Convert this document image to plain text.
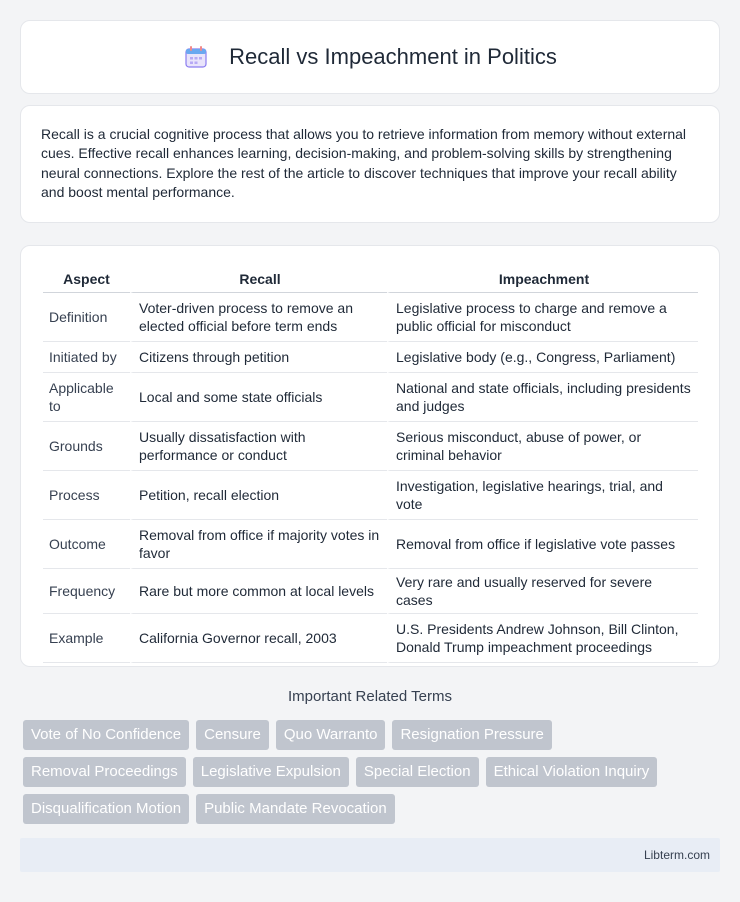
Recall vs Impeachment in Politics

Recall is a crucial cognitive process that allows you to retrieve information from memory without external cues. Effective recall enhances learning, decision-making, and problem-solving skills by strengthening neural connections. Explore the rest of the article to discover techniques that improve your recall ability and boost mental performance.

Aspect	Recall	Impeachment
Definition	Voter-driven process to remove an elected official before term ends	Legislative process to charge and remove a public official for misconduct
Initiated by	Citizens through petition	Legislative body (e.g., Congress, Parliament)
Applicable to	Local and some state officials	National and state officials, including presidents and judges
Grounds	Usually dissatisfaction with performance or conduct	Serious misconduct, abuse of power, or criminal behavior
Process	Petition, recall election	Investigation, legislative hearings, trial, and vote
Outcome	Removal from office if majority votes in favor	Removal from office if legislative vote passes
Frequency	Rare but more common at local levels	Very rare and usually reserved for severe cases
Example	California Governor recall, 2003	U.S. Presidents Andrew Johnson, Bill Clinton, Donald Trump impeachment proceedings
Important Related Terms
Vote of No Confidence	Censure	Quo Warranto	Resignation Pressure
Removal Proceedings	Legislative Expulsion	Special Election	Ethical Violation Inquiry
Disqualification Motion	Public Mandate Revocation
Libterm.com
